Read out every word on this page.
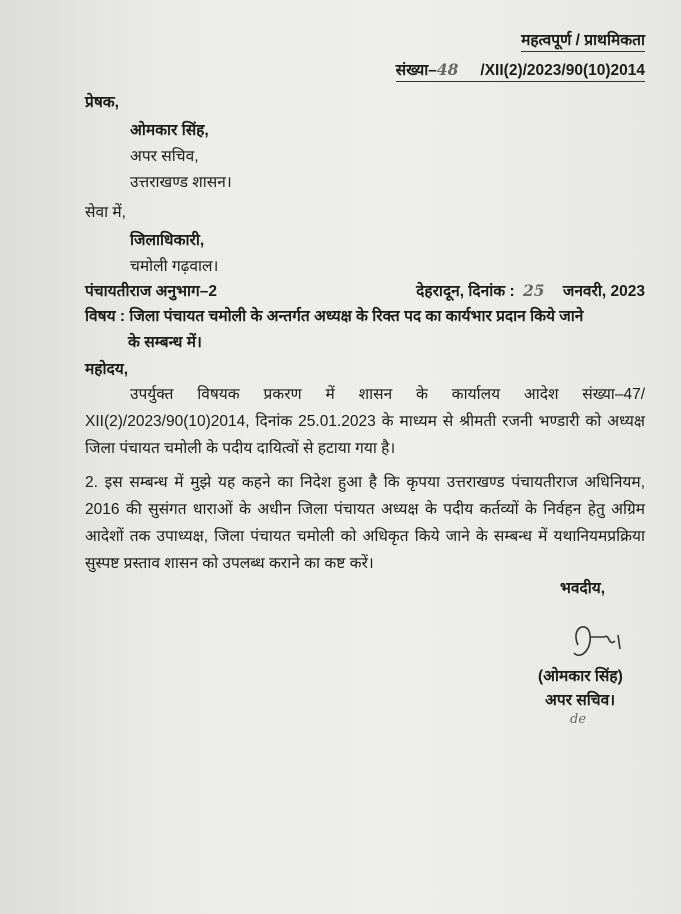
महत्वपूर्ण / प्राथमिकता
संख्या–48 /XII(2)/2023/90(10)2014
प्रेषक,
ओमकार सिंह,
अपर सचिव,
उत्तराखण्ड शासन।
सेवा में,
जिलाधिकारी,
चमोली गढ़वाल।
पंचायतीराज अनुभाग–2	देहरादून, दिनांक : 25 जनवरी, 2023
विषय : जिला पंचायत चमोली के अन्तर्गत अध्यक्ष के रिक्त पद का कार्यभार प्रदान किये जाने
के सम्बन्ध में।
महोदय,
उपर्युक्त विषयक प्रकरण में शासन के कार्यालय आदेश संख्या–47/ XII(2)/2023/90(10)2014, दिनांक 25.01.2023 के माध्यम से श्रीमती रजनी भण्डारी को अध्यक्ष जिला पंचायत चमोली के पदीय दायित्वों से हटाया गया है।
2. इस सम्बन्ध में मुझे यह कहने का निदेश हुआ है कि कृपया उत्तराखण्ड पंचायतीराज अधिनियम, 2016 की सुसंगत धाराओं के अधीन जिला पंचायत अध्यक्ष के पदीय कर्तव्यों के निर्वहन हेतु अग्रिम आदेशों तक उपाध्यक्ष, जिला पंचायत चमोली को अधिकृत किये जाने के सम्बन्ध में यथानियमप्रक्रिया सुस्पष्ट प्रस्ताव शासन को उपलब्ध कराने का कष्ट करें।
भवदीय,
(ओमकार सिंह)
अपर सचिव।
de
